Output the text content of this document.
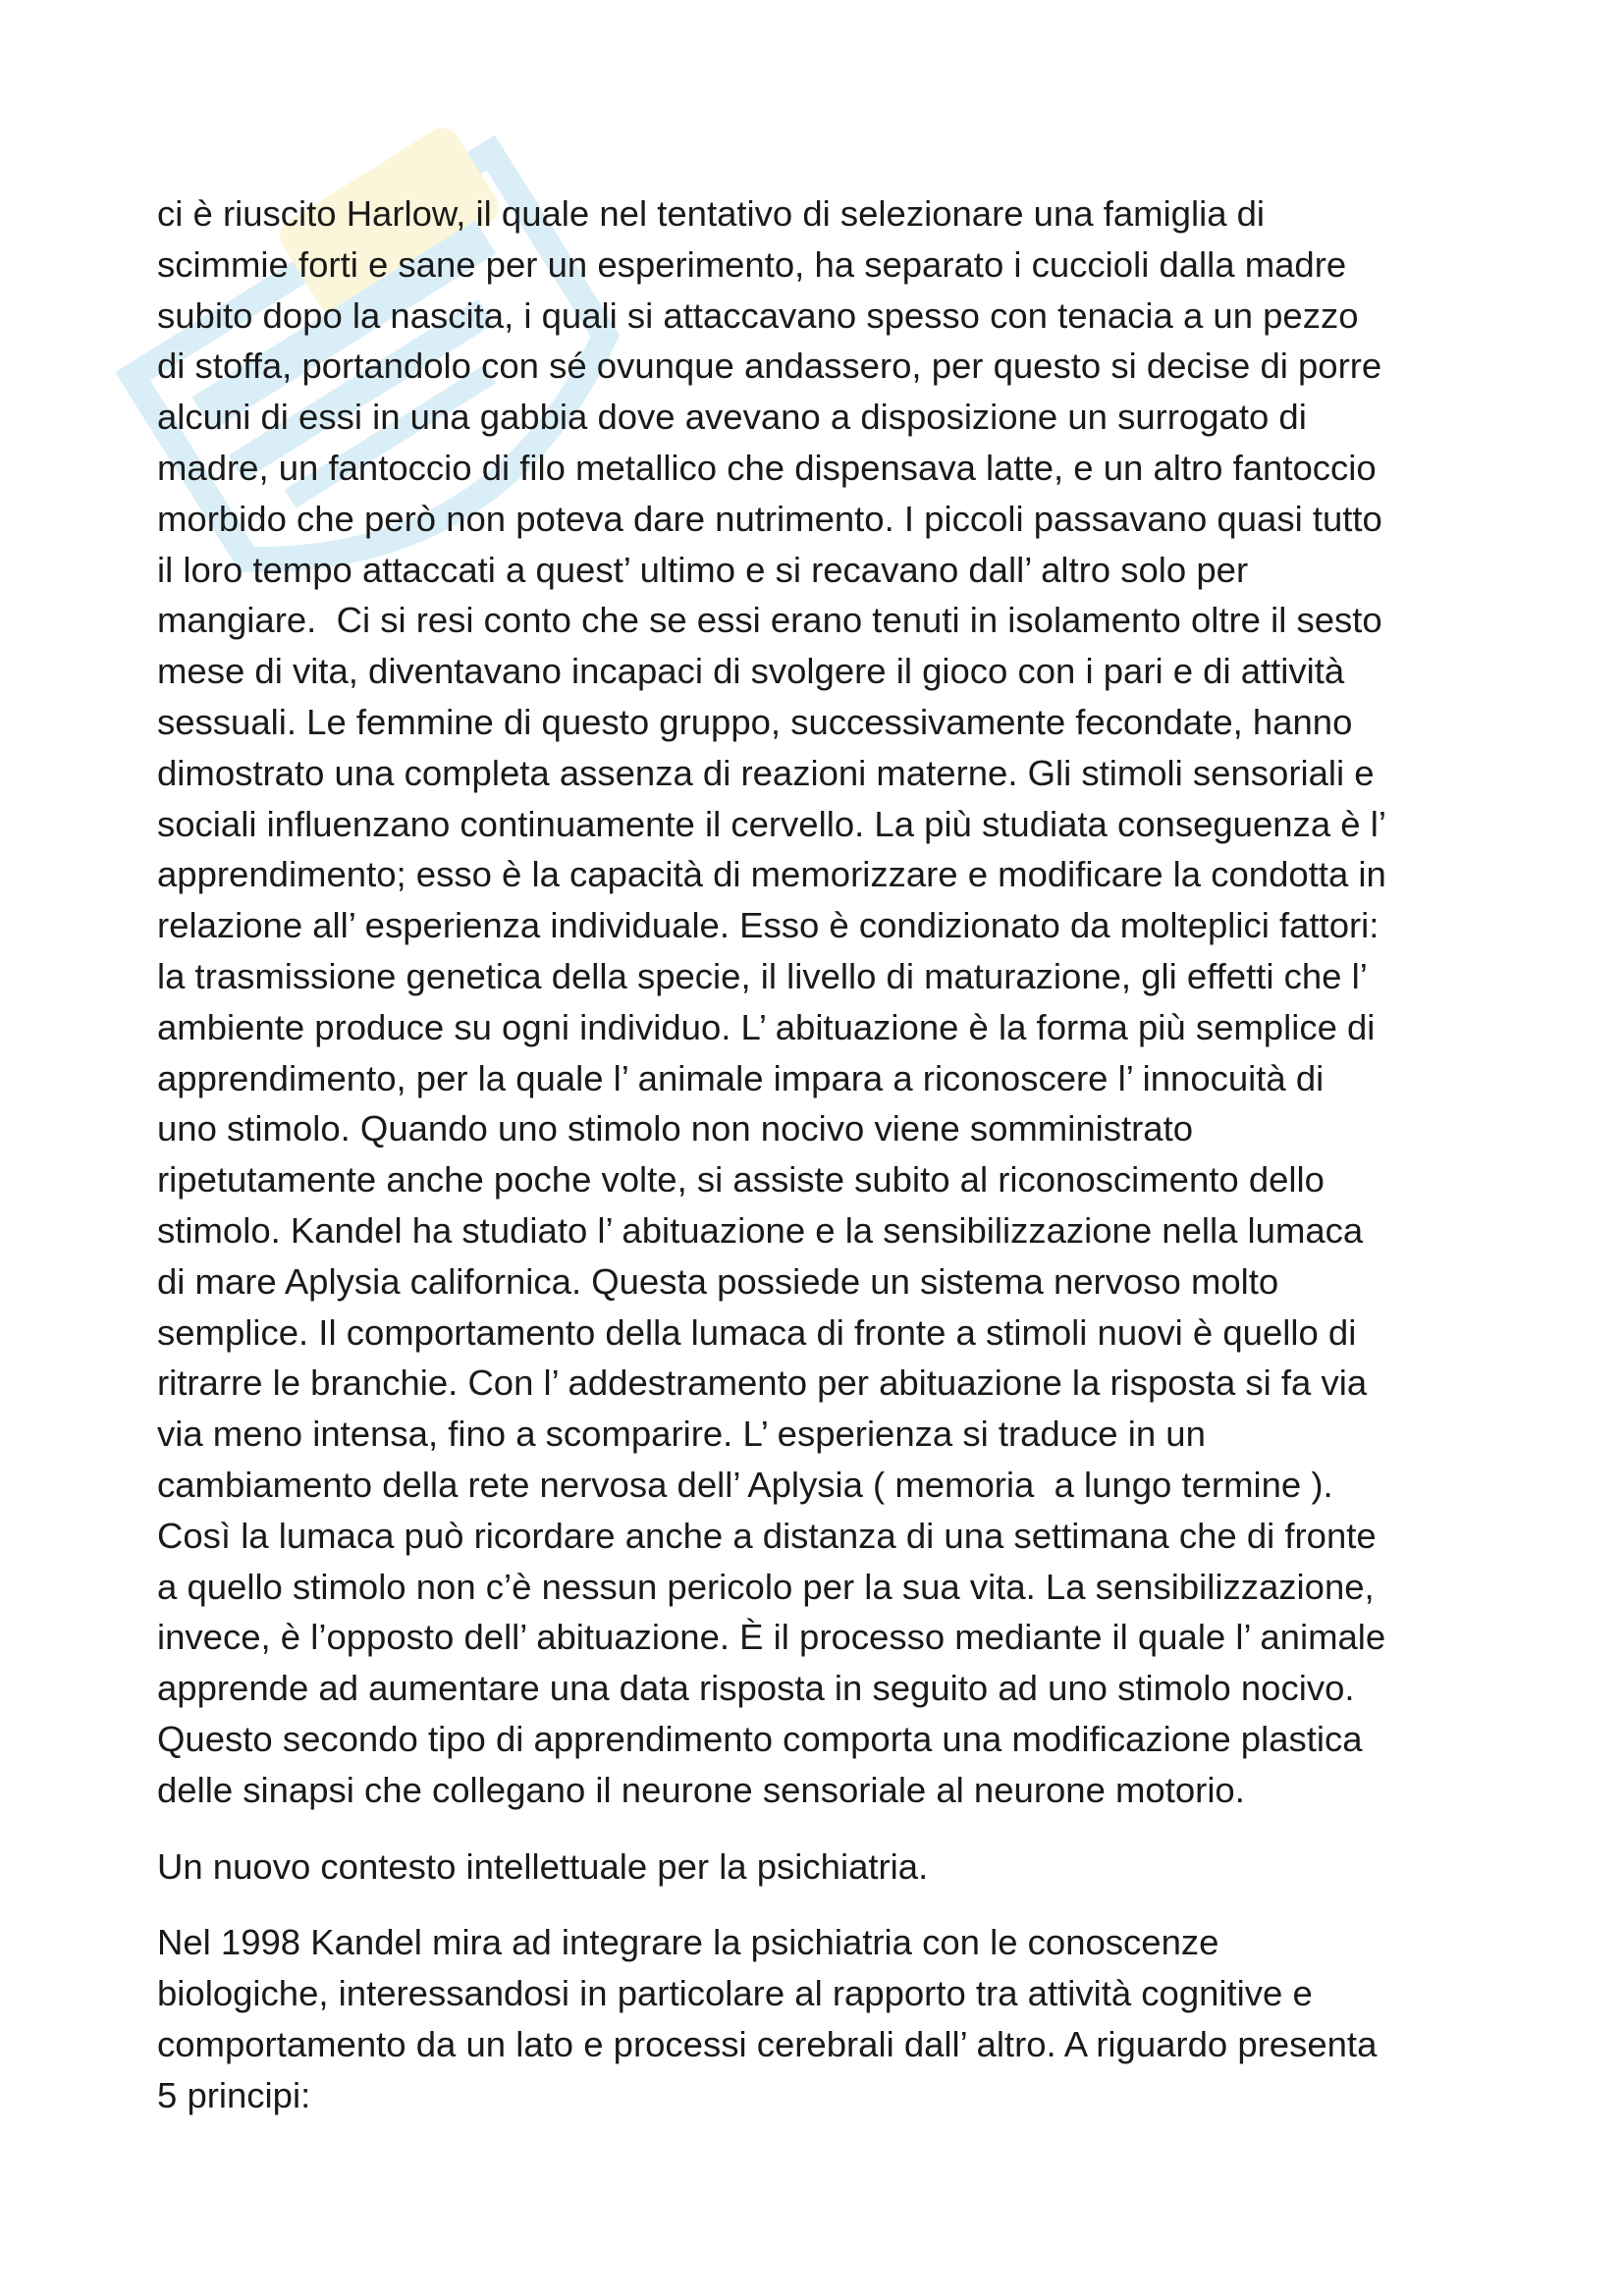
ci è riuscito Harlow, il quale nel tentativo di selezionare una famiglia di
scimmie forti e sane per un esperimento, ha separato i cuccioli dalla madre
subito dopo la nascita, i quali si attaccavano spesso con tenacia a un pezzo
di stoffa, portandolo con sé ovunque andassero, per questo si decise di porre
alcuni di essi in una gabbia dove avevano a disposizione un surrogato di
madre, un fantoccio di filo metallico che dispensava latte, e un altro fantoccio
morbido che però non poteva dare nutrimento. I piccoli passavano quasi tutto
il loro tempo attaccati a quest’ ultimo e si recavano dall’ altro solo per
mangiare.  Ci si resi conto che se essi erano tenuti in isolamento oltre il sesto
mese di vita, diventavano incapaci di svolgere il gioco con i pari e di attività
sessuali. Le femmine di questo gruppo, successivamente fecondate, hanno
dimostrato una completa assenza di reazioni materne. Gli stimoli sensoriali e
sociali influenzano continuamente il cervello. La più studiata conseguenza è l’
apprendimento; esso è la capacità di memorizzare e modificare la condotta in
relazione all’ esperienza individuale. Esso è condizionato da molteplici fattori:
la trasmissione genetica della specie, il livello di maturazione, gli effetti che l’
ambiente produce su ogni individuo. L’ abituazione è la forma più semplice di
apprendimento, per la quale l’ animale impara a riconoscere l’ innocuità di
uno stimolo. Quando uno stimolo non nocivo viene somministrato
ripetutamente anche poche volte, si assiste subito al riconoscimento dello
stimolo. Kandel ha studiato l’ abituazione e la sensibilizzazione nella lumaca
di mare Aplysia californica. Questa possiede un sistema nervoso molto
semplice. Il comportamento della lumaca di fronte a stimoli nuovi è quello di
ritrarre le branchie. Con l’ addestramento per abituazione la risposta si fa via
via meno intensa, fino a scomparire. L’ esperienza si traduce in un
cambiamento della rete nervosa dell’ Aplysia ( memoria  a lungo termine ).
Così la lumaca può ricordare anche a distanza di una settimana che di fronte
a quello stimolo non c’è nessun pericolo per la sua vita. La sensibilizzazione,
invece, è l’opposto dell’ abituazione. È il processo mediante il quale l’ animale
apprende ad aumentare una data risposta in seguito ad uno stimolo nocivo.
Questo secondo tipo di apprendimento comporta una modificazione plastica
delle sinapsi che collegano il neurone sensoriale al neurone motorio.

Un nuovo contesto intellettuale per la psichiatria.

Nel 1998 Kandel mira ad integrare la psichiatria con le conoscenze
biologiche, interessandosi in particolare al rapporto tra attività cognitive e
comportamento da un lato e processi cerebrali dall’ altro. A riguardo presenta
5 principi:
